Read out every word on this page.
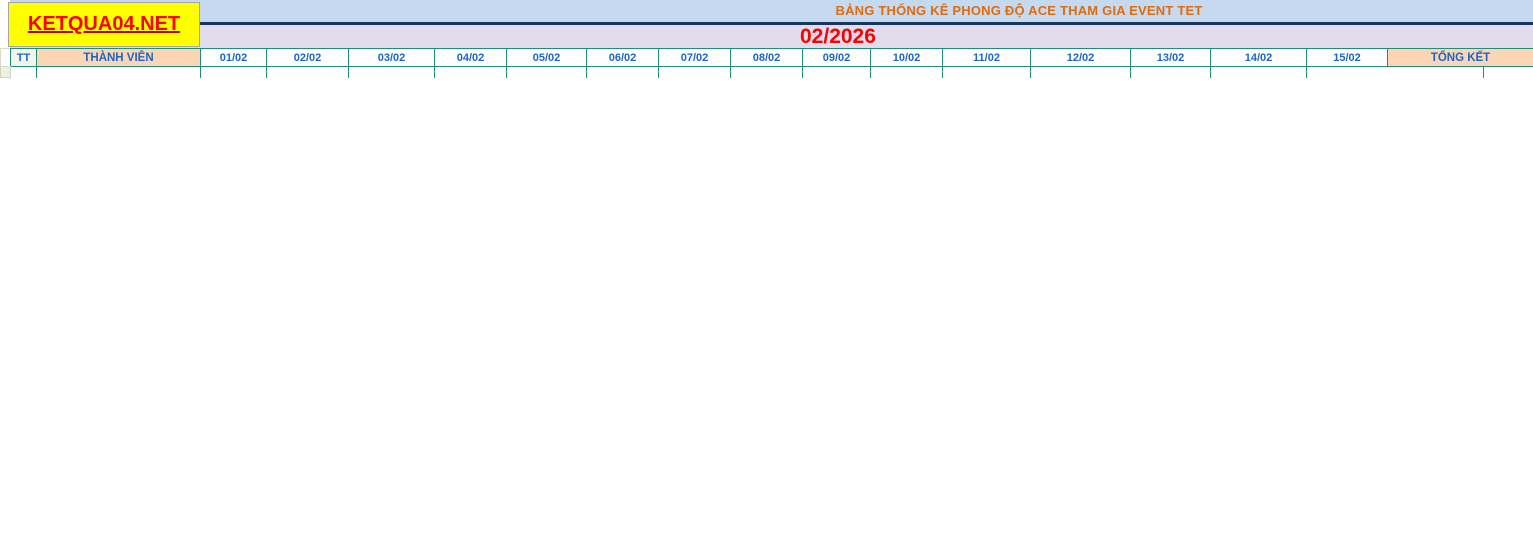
BẢNG THỐNG KÊ PHONG ĐỘ ACE THAM GIA EVENT TET
02/2026
KETQUA04.NET
	TT	THÀNH VIÊN	01/02	02/02	03/02	04/02	05/02	06/02	07/02	08/02	09/02	10/02	11/02	12/02	13/02	14/02	15/02	TỔNG KẾT
